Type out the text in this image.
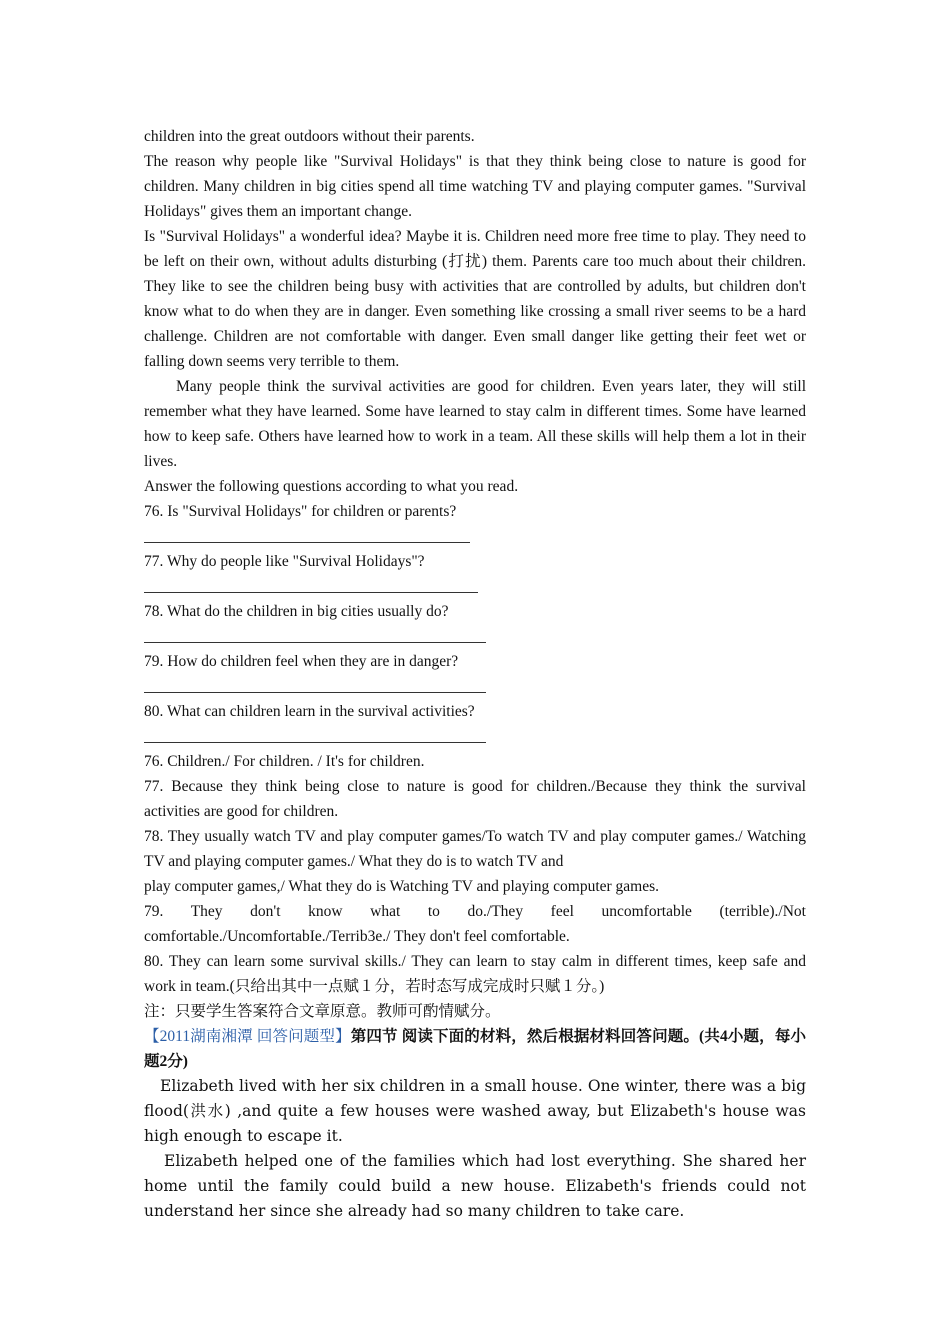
children into the great outdoors without their parents.

The reason why people like "Survival Holidays" is that they think being close to nature is good for children. Many children in big cities spend all time watching TV and playing computer games. "Survival Holidays" gives them an important change.

Is "Survival Holidays" a wonderful idea? Maybe it is. Children need more free time to play. They need to be left on their own, without adults disturbing (打扰) them. Parents care too much about their children. They like to see the children being busy with activities that are controlled by adults, but children don't know what to do when they are in danger. Even something like crossing a small river seems to be a hard challenge. Children are not comfortable with danger. Even small danger like getting their feet wet or falling down seems very terrible to them.

Many people think the survival activities are good for children. Even years later, they will still remember what they have learned. Some have learned to stay calm in different times. Some have learned how to keep safe. Others have learned how to work in a team. All these skills will help them a lot in their lives.

Answer the following questions according to what you read.

76. Is "Survival Holidays" for children or parents?

77. Why do people like "Survival Holidays"?

78. What do the children in big cities usually do?

79. How do children feel when they are in danger?

80. What can children learn in the survival activities?

76. Children./ For children. / It's for children.

77. Because they think being close to nature is good for children./Because they think the survival activities are good for children.

78. They usually watch TV and play computer games/To watch TV and play computer games./ Watching TV and playing computer games./ What they do is to watch TV and

play computer games,/ What they do is Watching TV and playing computer games.

79. They don't know what to do./They feel uncomfortable (terrible)./Not comfortable./UncomfortabIe./Terrib3e./ They don't feel comfortable.

80. They can learn some survival skills./ They can learn to stay calm in different times, keep safe and work in team.(只给出其中一点赋１分，若时态写成完成时只赋１分。)

注：只要学生答案符合文章原意。教师可酌情赋分。

【2011湖南湘潭 回答问题型】第四节 阅读下面的材料，然后根据材料回答问题。(共4小题，每小题2分)

Elizabeth lived with her six children in a small house. One winter, there was a big flood(洪水) ,and quite a few houses were washed away, but Elizabeth's house was high enough to escape it.

Elizabeth helped one of the families which had lost everything. She shared her home until the family could build a new house. Elizabeth's friends could not understand her since she already had so many children to take care.
